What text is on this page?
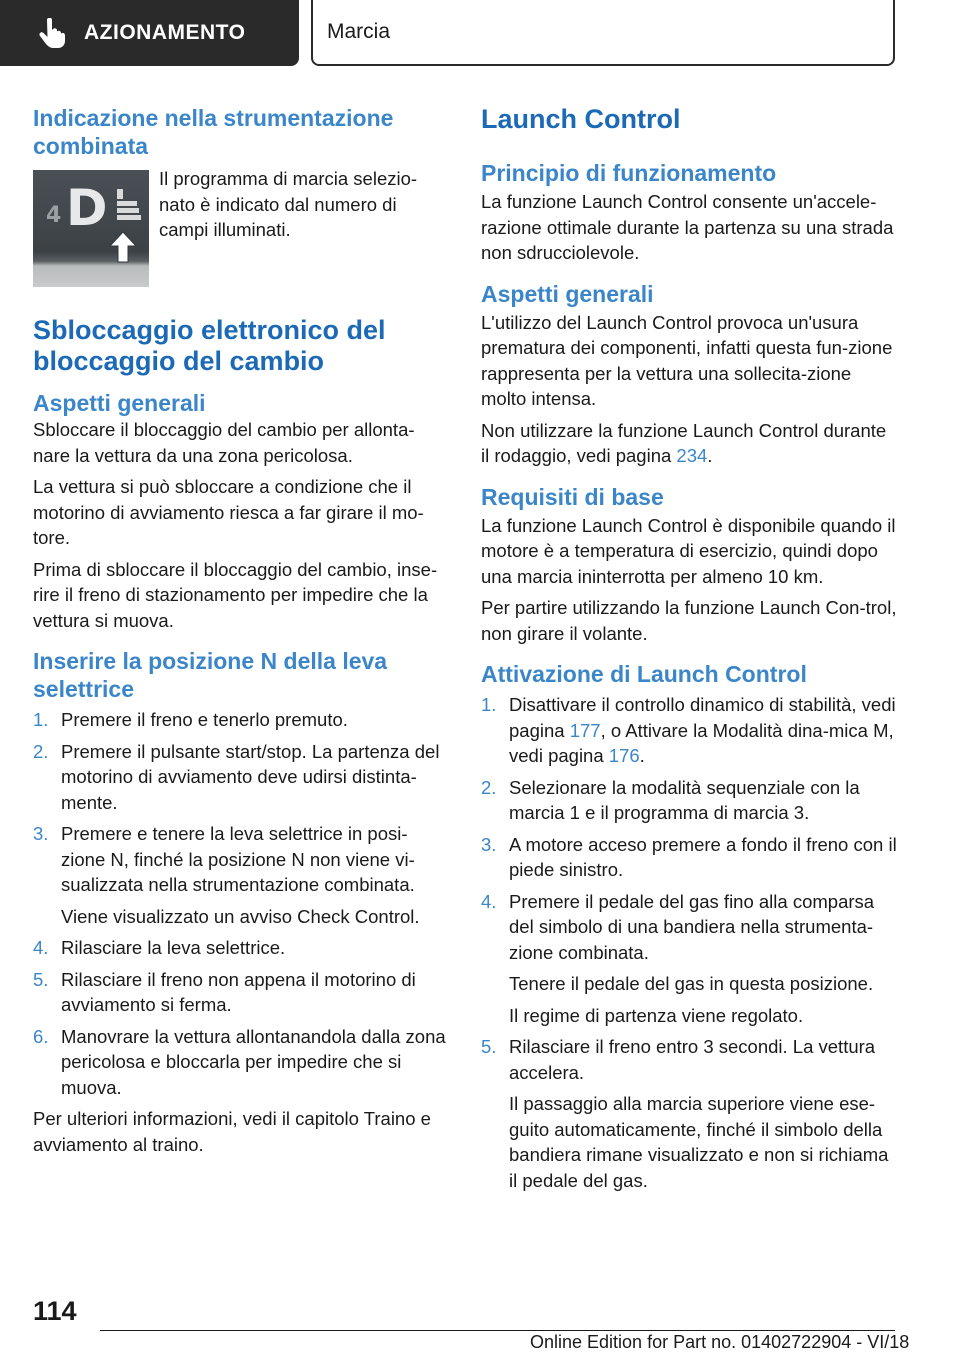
AZIONAMENTO	Marcia
Indicazione nella strumentazione combinata
4 D
Il programma di marcia selezio‐nato è indicato dal numero di campi illuminati.
Sbloccaggio elettronico del bloccaggio del cambio
Aspetti generali
Sbloccare il bloccaggio del cambio per allonta‐nare la vettura da una zona pericolosa.
La vettura si può sbloccare a condizione che il motorino di avviamento riesca a far girare il mo‐tore.
Prima di sbloccare il bloccaggio del cambio, inse‐rire il freno di stazionamento per impedire che la vettura si muova.
Inserire la posizione N della leva selettrice
1. Premere il freno e tenerlo premuto.
2. Premere il pulsante start/stop. La partenza del motorino di avviamento deve udirsi distinta‐mente.
3. Premere e tenere la leva selettrice in posi‐zione N, finché la posizione N non viene vi‐sualizzata nella strumentazione combinata.
Viene visualizzato un avviso Check Control.
4. Rilasciare la leva selettrice.
5. Rilasciare il freno non appena il motorino di avviamento si ferma.
6. Manovrare la vettura allontanandola dalla zona pericolosa e bloccarla per impedire che si muova.
Per ulteriori informazioni, vedi il capitolo Traino e avviamento al traino.
Launch Control
Principio di funzionamento
La funzione Launch Control consente un'accele‐razione ottimale durante la partenza su una strada non sdrucciolevole.
Aspetti generali
L'utilizzo del Launch Control provoca un'usura prematura dei componenti, infatti questa fun‐zione rappresenta per la vettura una sollecita‐zione molto intensa.
Non utilizzare la funzione Launch Control durante il rodaggio, vedi pagina 234.
Requisiti di base
La funzione Launch Control è disponibile quando il motore è a temperatura di esercizio, quindi dopo una marcia ininterrotta per almeno 10 km.
Per partire utilizzando la funzione Launch Con‐trol, non girare il volante.
Attivazione di Launch Control
1. Disattivare il controllo dinamico di stabilità, vedi pagina 177, o Attivare la Modalità dina‐mica M, vedi pagina 176.
2. Selezionare la modalità sequenziale con la marcia 1 e il programma di marcia 3.
3. A motore acceso premere a fondo il freno con il piede sinistro.
4. Premere il pedale del gas fino alla comparsa del simbolo di una bandiera nella strumenta‐zione combinata.
Tenere il pedale del gas in questa posizione.
Il regime di partenza viene regolato.
5. Rilasciare il freno entro 3 secondi. La vettura accelera.
Il passaggio alla marcia superiore viene ese‐guito automaticamente, finché il simbolo della bandiera rimane visualizzato e non si richiama il pedale del gas.
114
Online Edition for Part no. 01402722904 - VI/18
